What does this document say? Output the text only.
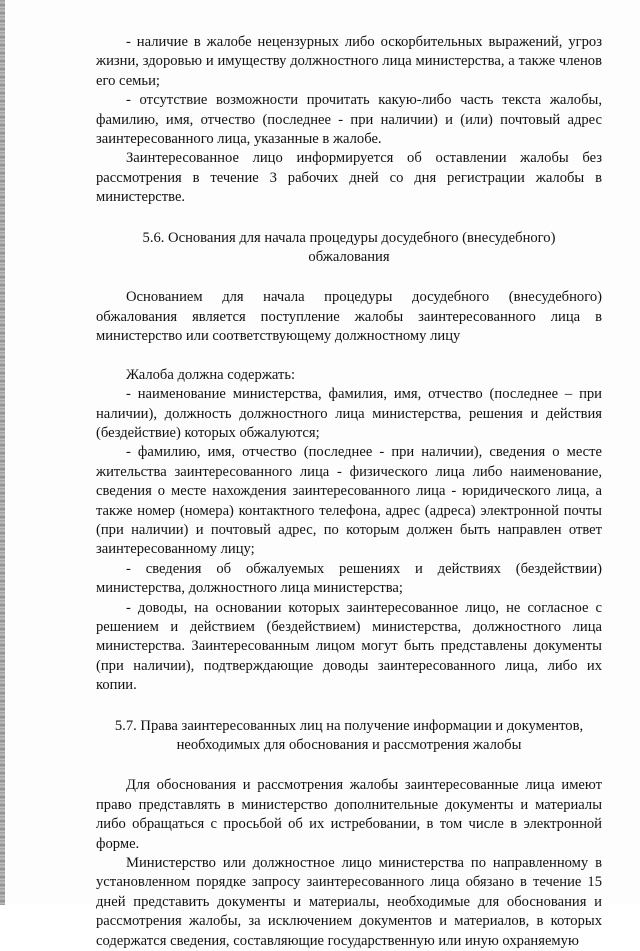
- наличие в жалобе нецензурных либо оскорбительных выражений, угроз жизни, здоровью и имуществу должностного лица министерства, а также членов его семьи;

- отсутствие возможности прочитать какую-либо часть текста жалобы, фамилию, имя, отчество (последнее - при наличии) и (или) почтовый адрес заинтересованного лица, указанные в жалобе.

Заинтересованное лицо информируется об оставлении жалобы без рассмотрения в течение 3 рабочих дней со дня регистрации жалобы в министерстве.

5.6. Основания для начала процедуры досудебного (внесудебного) обжалования

Основанием для начала процедуры досудебного (внесудебного) обжалования является поступление жалобы заинтересованного лица в министерство или соответствующему должностному лицу

Жалоба должна содержать:

- наименование министерства, фамилия, имя, отчество (последнее – при наличии), должность должностного лица министерства, решения и действия (бездействие) которых обжалуются;

- фамилию, имя, отчество (последнее - при наличии), сведения о месте жительства заинтересованного лица - физического лица либо наименование, сведения о месте нахождения заинтересованного лица - юридического лица, а также номер (номера) контактного телефона, адрес (адреса) электронной почты (при наличии) и почтовый адрес, по которым должен быть направлен ответ заинтересованному лицу;

- сведения об обжалуемых решениях и действиях (бездействии) министерства, должностного лица министерства;

- доводы, на основании которых заинтересованное лицо, не согласное с решением и действием (бездействием) министерства, должностного лица министерства. Заинтересованным лицом могут быть представлены документы (при наличии), подтверждающие доводы заинтересованного лица, либо их копии.

5.7. Права заинтересованных лиц на получение информации и документов, необходимых для обоснования и рассмотрения жалобы

Для обоснования и рассмотрения жалобы заинтересованные лица имеют право представлять в министерство дополнительные документы и материалы либо обращаться с просьбой об их истребовании, в том числе в электронной форме.

Министерство или должностное лицо министерства по направленному в установленном порядке запросу заинтересованного лица обязано в течение 15 дней представить документы и материалы, необходимые для обоснования и рассмотрения жалобы, за исключением документов и материалов, в которых содержатся сведения, составляющие государственную или иную охраняемую
